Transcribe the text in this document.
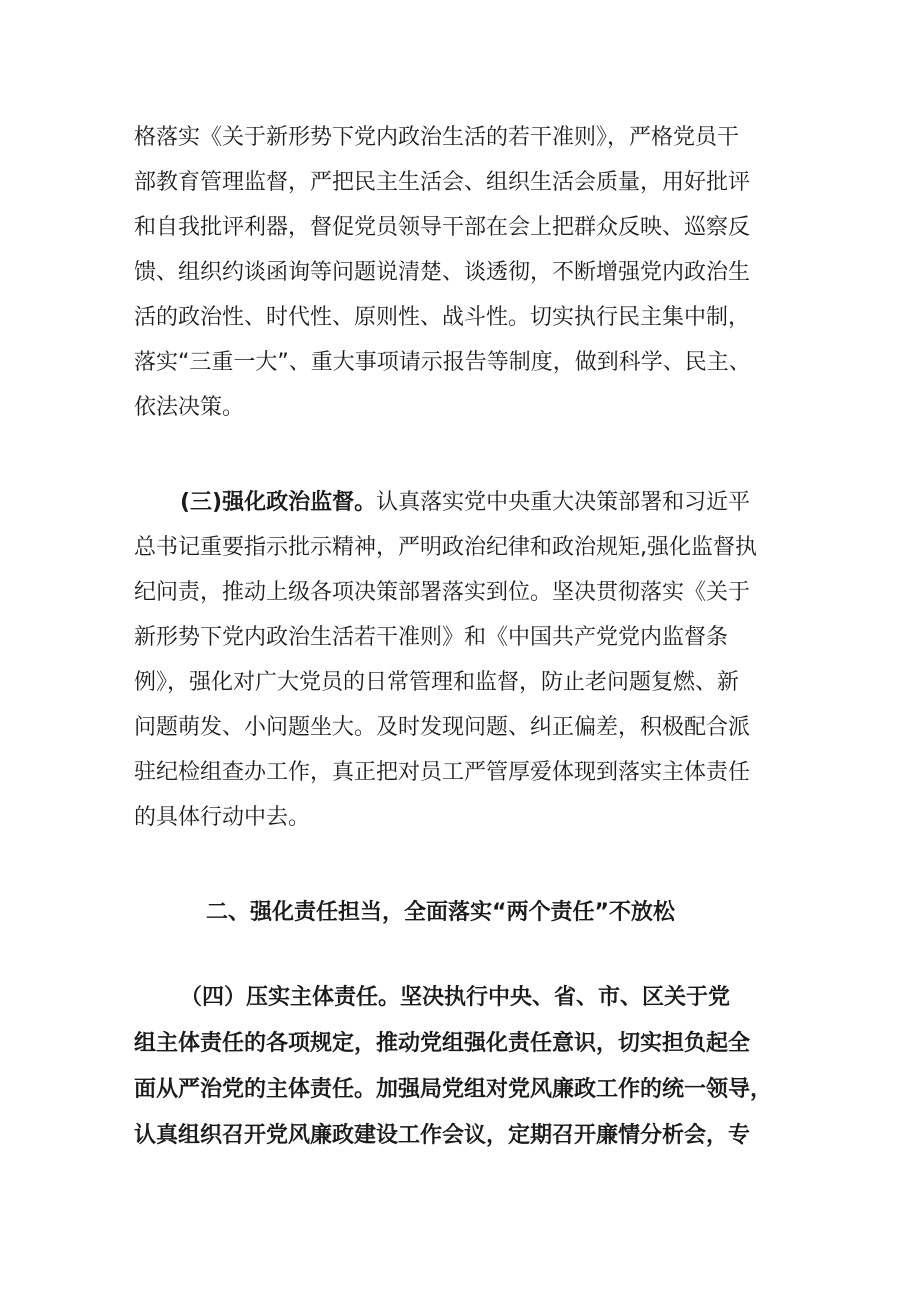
格落实《关于新形势下党内政治生活的若干准则》，严格党员干
部教育管理监督，严把民主生活会、组织生活会质量，用好批评
和自我批评利器，督促党员领导干部在会上把群众反映、巡察反
馈、组织约谈函询等问题说清楚、谈透彻，不断增强党内政治生
活的政治性、时代性、原则性、战斗性。切实执行民主集中制，
落实“三重一大”、重大事项请示报告等制度，做到科学、民主、
依法决策。
(三)强化政治监督。认真落实党中央重大决策部署和习近平
总书记重要指示批示精神，严明政治纪律和政治规矩,强化监督执
纪问责，推动上级各项决策部署落实到位。坚决贯彻落实《关于
新形势下党内政治生活若干准则》和《中国共产党党内监督条
例》，强化对广大党员的日常管理和监督，防止老问题复燃、新
问题萌发、小问题坐大。及时发现问题、纠正偏差，积极配合派
驻纪检组查办工作，真正把对员工严管厚爱体现到落实主体责任
的具体行动中去。
二、强化责任担当，全面落实“两个责任”不放松
（四）压实主体责任。坚决执行中央、省、市、区关于党
组主体责任的各项规定，推动党组强化责任意识，切实担负起全
面从严治党的主体责任。加强局党组对党风廉政工作的统一领导，
认真组织召开党风廉政建设工作会议，定期召开廉情分析会，专
